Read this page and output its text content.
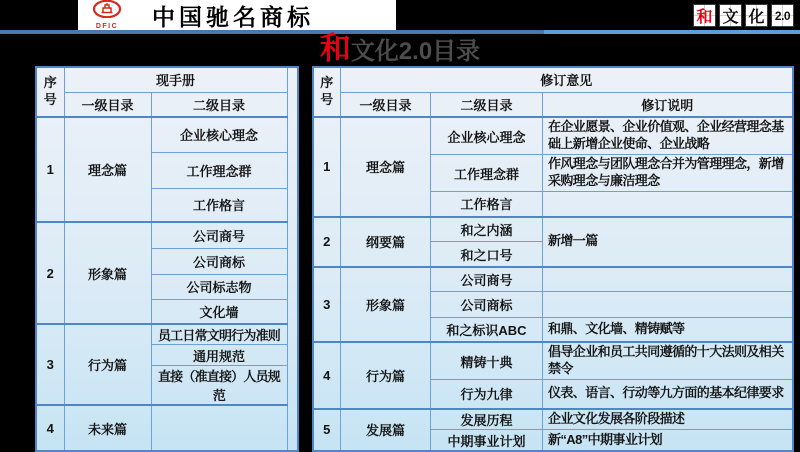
DFIC 中国驰名商标	和 文 化 2.0
和文化2.0目录
序号	现手册	
	一级目录	二级目录
1	理念篇	企业核心理念
		工作理念群
		工作格言
2	形象篇	公司商号
		公司商标
		公司标志物
		文化墙
3	行为篇	员工日常文明行为准则
		通用规范
		直接（准直接）人员规范
4	未来篇	
序号	修订意见		
	一级目录	二级目录	修订说明
1	理念篇	企业核心理念	在企业愿景、企业价值观、企业经营理念基础上新增企业使命、企业战略
		工作理念群	作风理念与团队理念合并为管理理念，新增采购理念与廉洁理念
		工作格言	
2	纲要篇	和之内涵	新增一篇
		和之口号	
3	形象篇	公司商号	
		公司商标	
		和之标识ABC	和鼎、文化墙、精铸赋等
4	行为篇	精铸十典	倡导企业和员工共同遵循的十大法则及相关禁令
		行为九律	仪表、语言、行动等九方面的基本纪律要求
5	发展篇	发展历程	企业文化发展各阶段描述
		中期事业计划	新“A8”中期事业计划
